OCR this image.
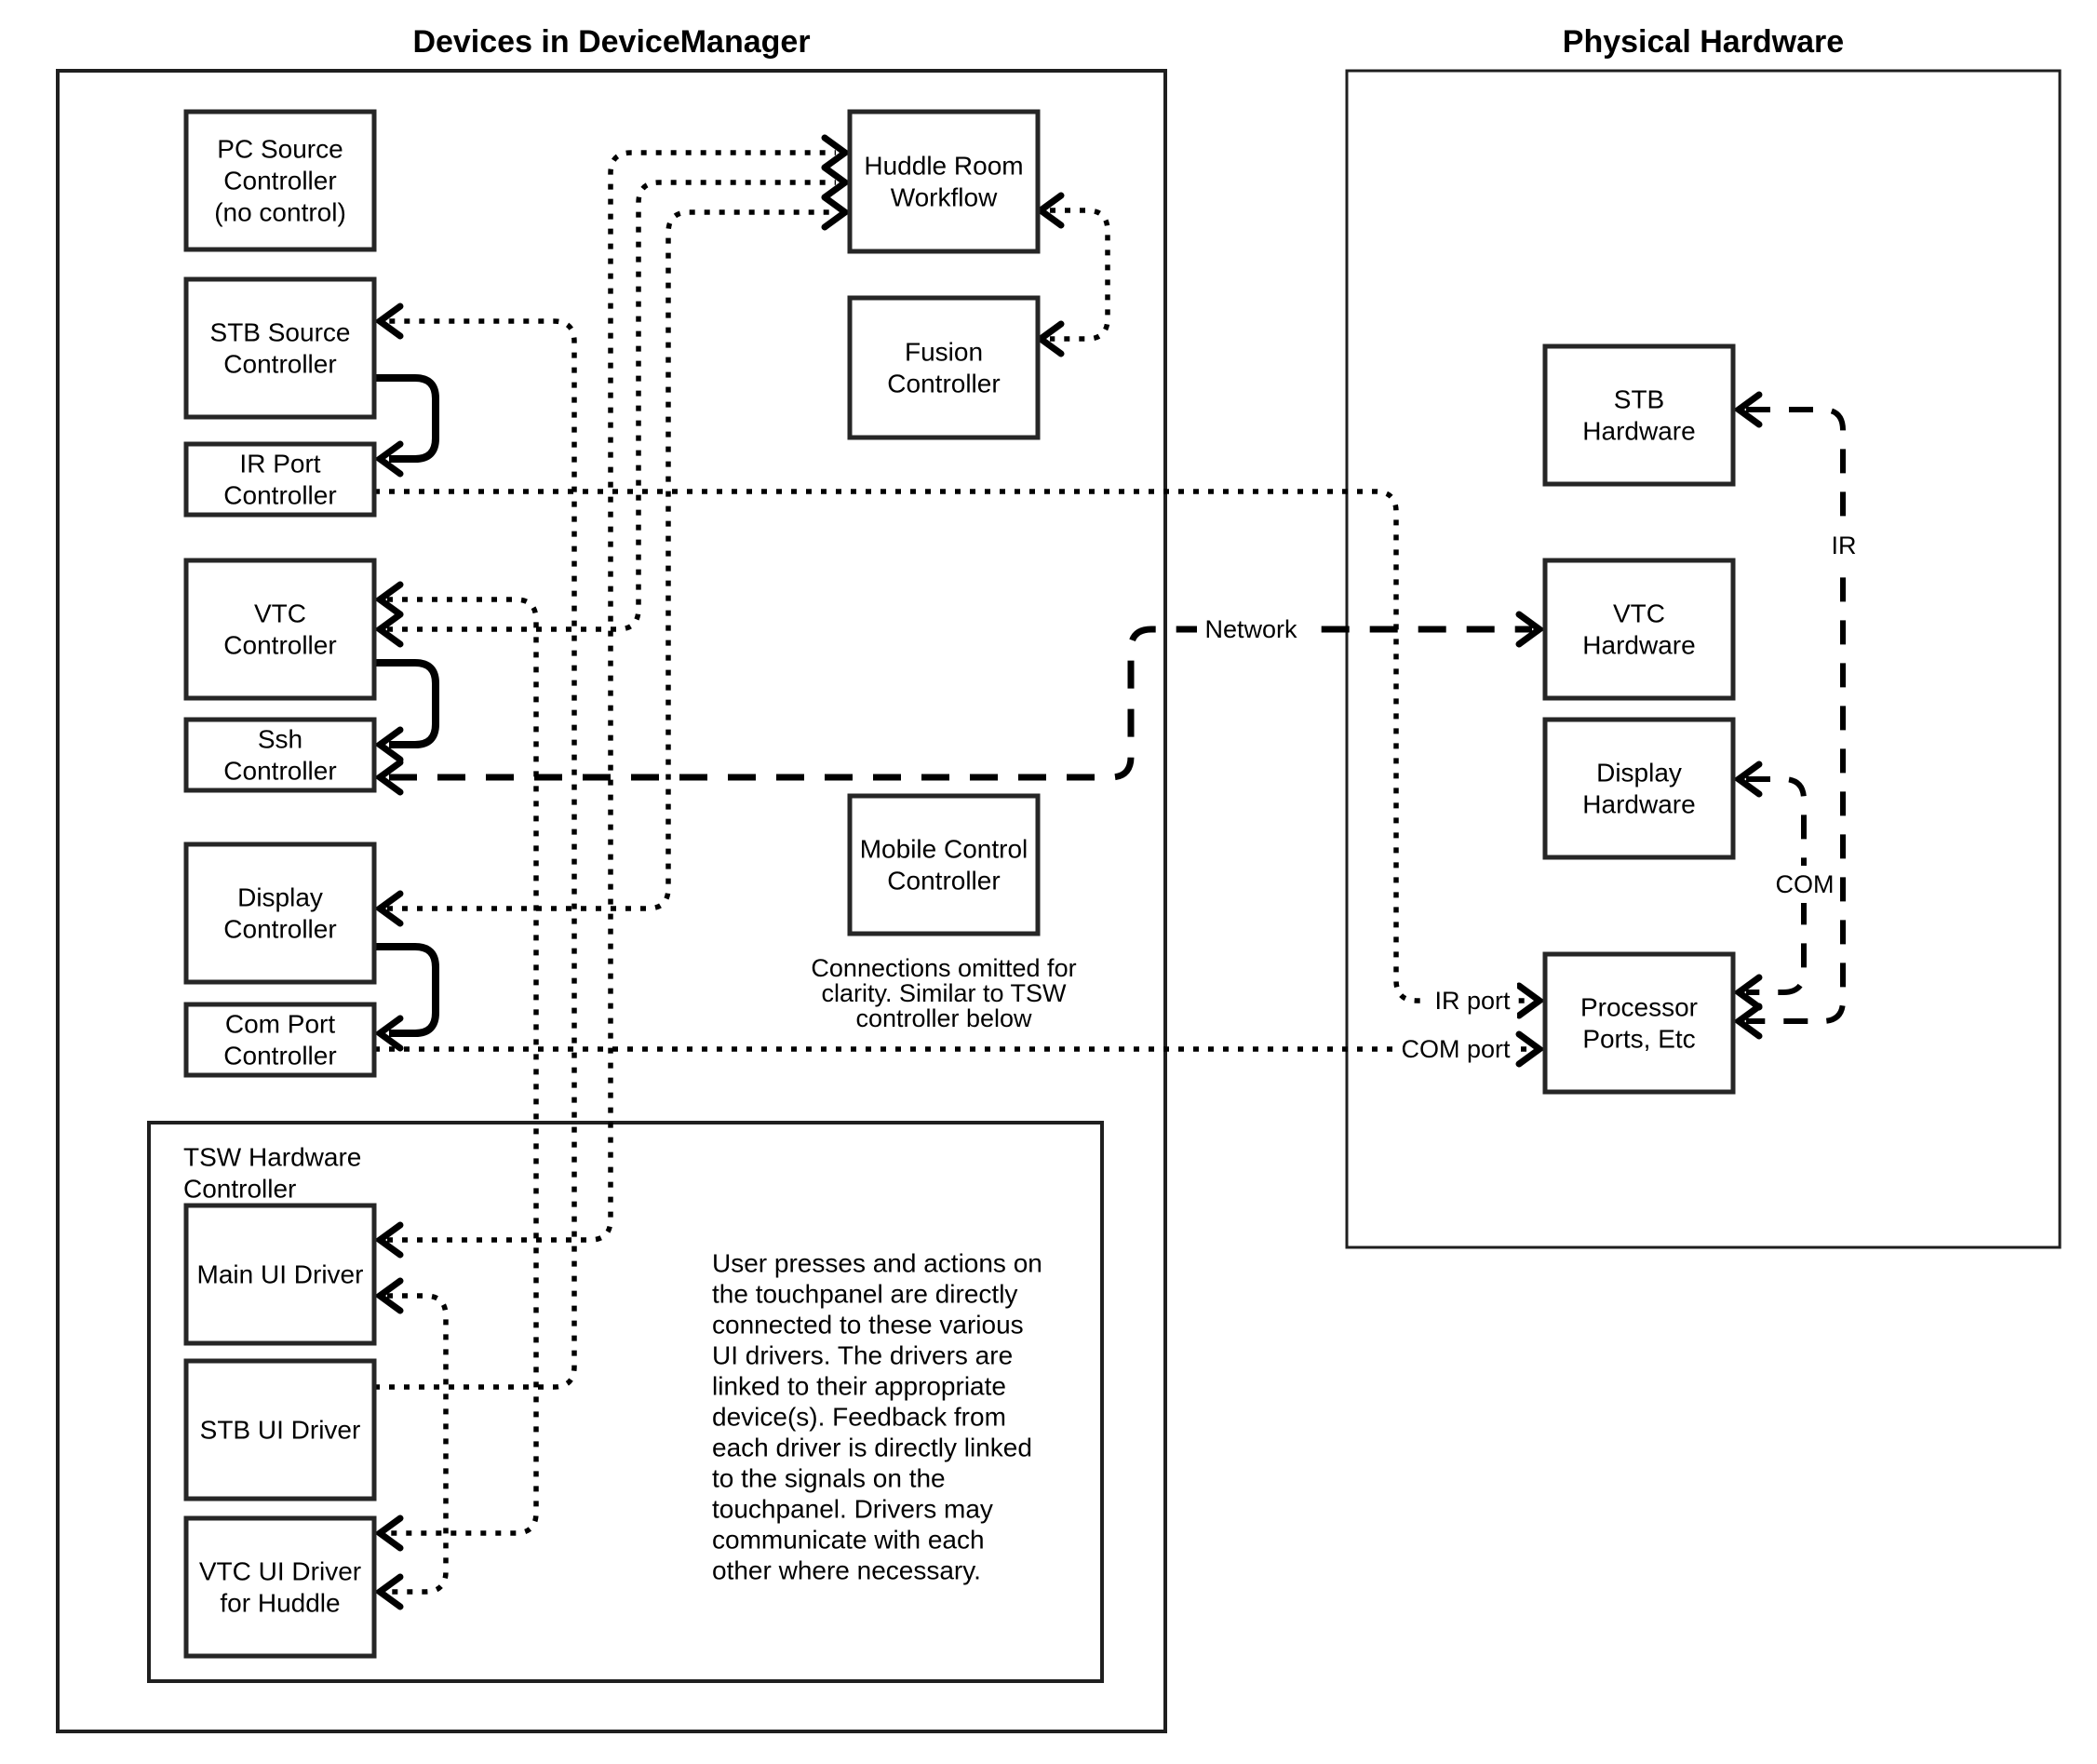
Devices in DeviceManager	Physical Hardware
Network
IR
COM
IR port
COM port
PC Source
Controller
(no control)
STB Source
Controller
IR Port
Controller
VTC
Controller
Ssh
Controller
Display
Controller
Com Port
Controller
Huddle Room
Workflow
Fusion
Controller
Mobile Control
Controller
Connections omitted for
clarity. Similar to TSW
controller below
TSW Hardware
Controller
Main UI Driver
STB UI Driver
VTC UI Driver
for Huddle
User presses and actions on
the touchpanel are directly
connected to these various
UI drivers. The drivers are
linked to their appropriate
device(s). Feedback from
each driver is directly linked
to the signals on the
touchpanel. Drivers may
communicate with each
other where necessary.
STB
Hardware
VTC
Hardware
Display
Hardware
Processor
Ports, Etc
